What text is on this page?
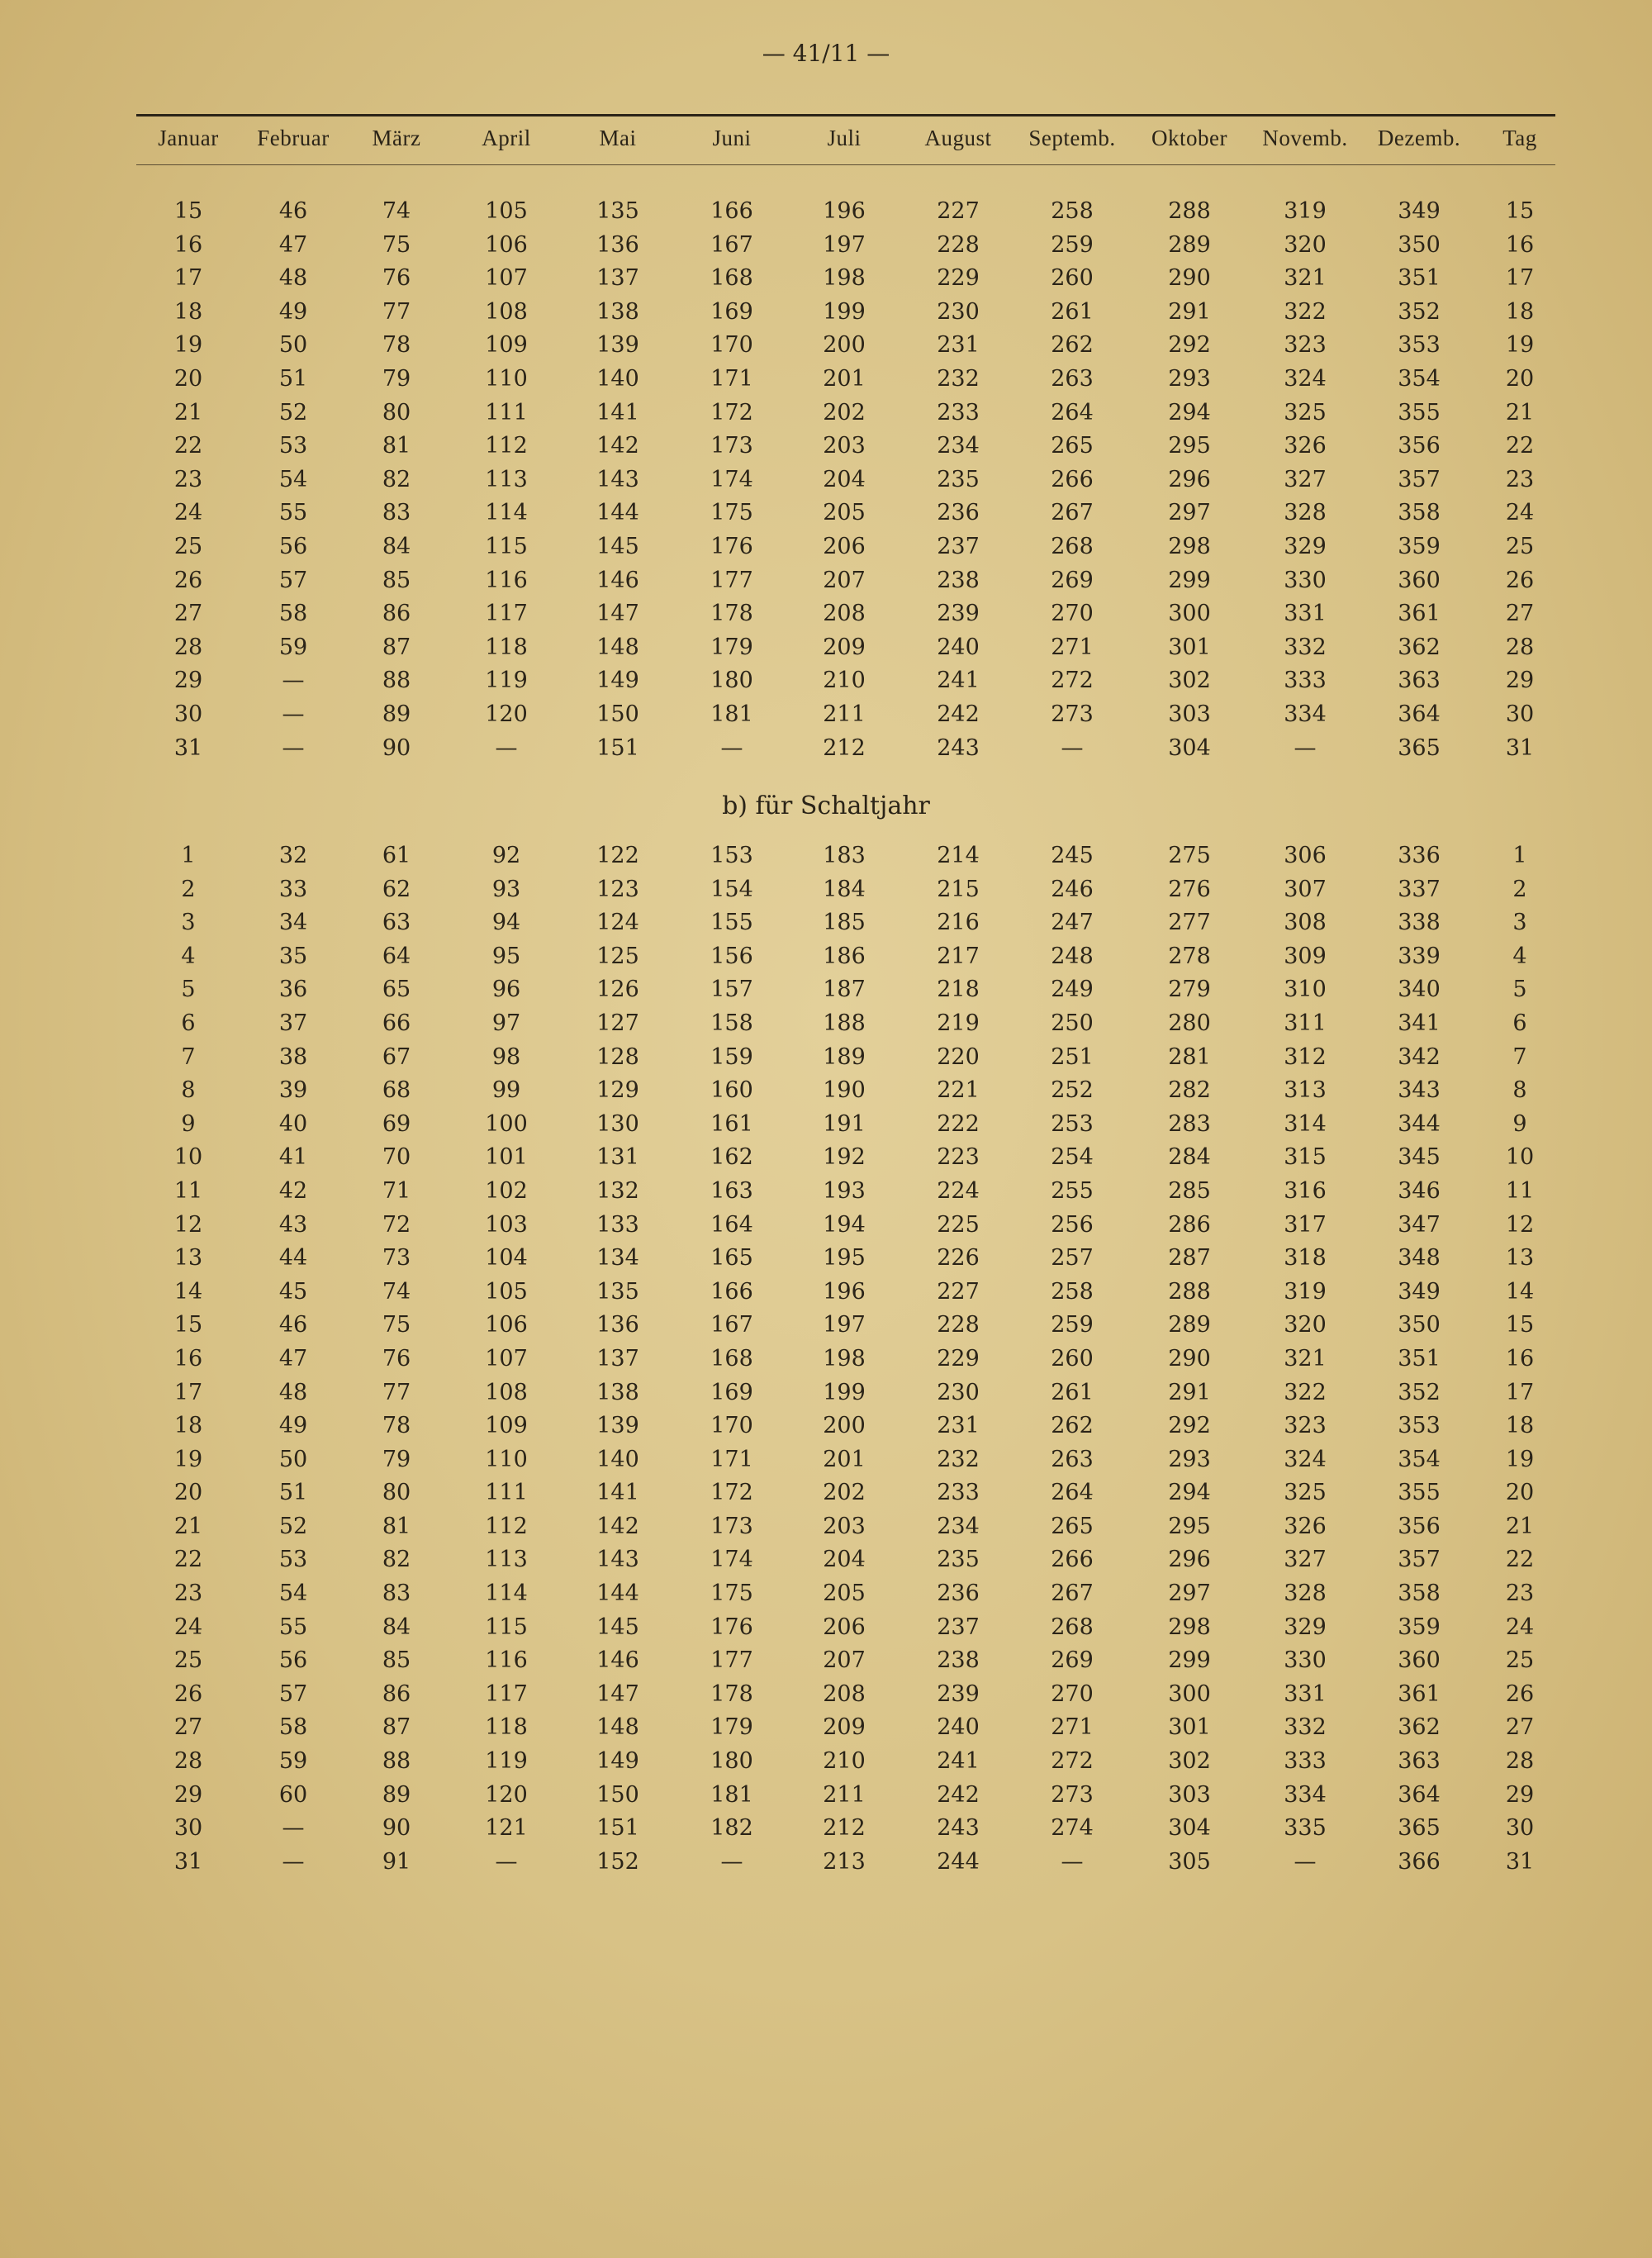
— 41/11 —
Januar Februar März	April	Mai	Juni	Juli	August Septemb. Oktober Novemb. Dezemb. Tag
15	46	74	105	135	166	196	227	258	288	319	349	15
16	47	75	106	136	167	197	228	259	289	320	350	16
17	48	76	107	137	168	198	229	260	290	321	351	17
18	49	77	108	138	169	199	230	261	291	322	352	18
19	50	78	109	139	170	200	231	262	292	323	353	19
20	51	79	110	140	171	201	232	263	293	324	354	20
21	52	80	111	141	172	202	233	264	294	325	355	21
22	53	81	112	142	173	203	234	265	295	326	356	22
23	54	82	113	143	174	204	235	266	296	327	357	23
24	55	83	114	144	175	205	236	267	297	328	358	24
25	56	84	115	145	176	206	237	268	298	329	359	25
26	57	85	116	146	177	207	238	269	299	330	360	26
27	58	86	117	147	178	208	239	270	300	331	361	27
28	59	87	118	148	179	209	240	271	301	332	362	28
29	—	88	119	149	180	210	241	272	302	333	363	29
30	—	89	120	150	181	211	242	273	303	334	364	30
31	—	90	—	151	—	212	243	—	304	—	365	31
b) für Schaltjahr
1	32	61	92	122	153	183	214	245	275	306	336	1
2	33	62	93	123	154	184	215	246	276	307	337	2
3	34	63	94	124	155	185	216	247	277	308	338	3
4	35	64	95	125	156	186	217	248	278	309	339	4
5	36	65	96	126	157	187	218	249	279	310	340	5
6	37	66	97	127	158	188	219	250	280	311	341	6
7	38	67	98	128	159	189	220	251	281	312	342	7
8	39	68	99	129	160	190	221	252	282	313	343	8
9	40	69	100	130	161	191	222	253	283	314	344	9
10	41	70	101	131	162	192	223	254	284	315	345	10
11	42	71	102	132	163	193	224	255	285	316	346	11
12	43	72	103	133	164	194	225	256	286	317	347	12
13	44	73	104	134	165	195	226	257	287	318	348	13
14	45	74	105	135	166	196	227	258	288	319	349	14
15	46	75	106	136	167	197	228	259	289	320	350	15
16	47	76	107	137	168	198	229	260	290	321	351	16
17	48	77	108	138	169	199	230	261	291	322	352	17
18	49	78	109	139	170	200	231	262	292	323	353	18
19	50	79	110	140	171	201	232	263	293	324	354	19
20	51	80	111	141	172	202	233	264	294	325	355	20
21	52	81	112	142	173	203	234	265	295	326	356	21
22	53	82	113	143	174	204	235	266	296	327	357	22
23	54	83	114	144	175	205	236	267	297	328	358	23
24	55	84	115	145	176	206	237	268	298	329	359	24
25	56	85	116	146	177	207	238	269	299	330	360	25
26	57	86	117	147	178	208	239	270	300	331	361	26
27	58	87	118	148	179	209	240	271	301	332	362	27
28	59	88	119	149	180	210	241	272	302	333	363	28
29	60	89	120	150	181	211	242	273	303	334	364	29
30	—	90	121	151	182	212	243	274	304	335	365	30
31	—	91	—	152	—	213	244	—	305	—	366	31
